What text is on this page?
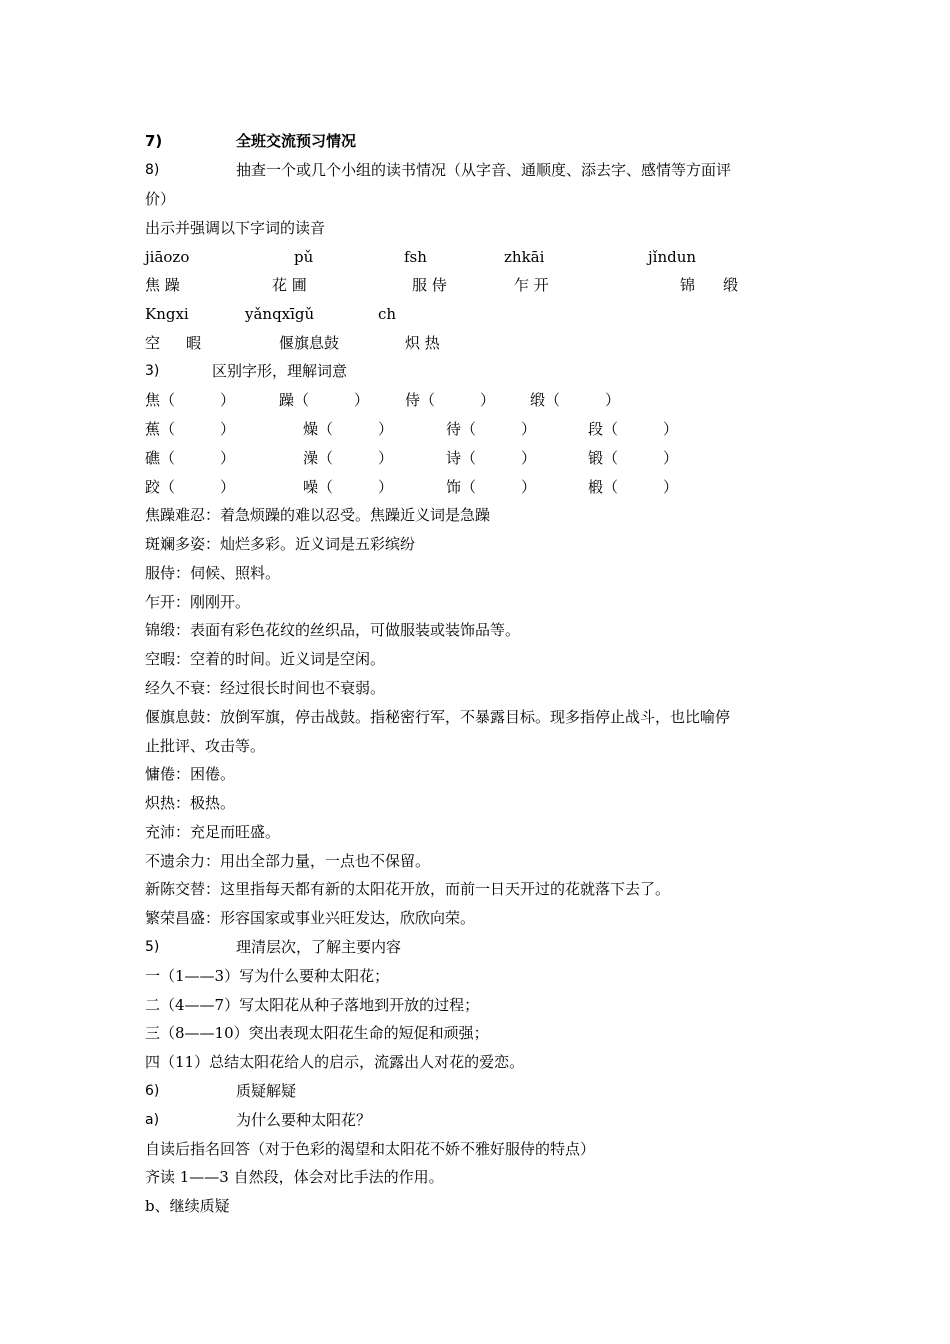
7)	全班交流预习情况
8)	抽查一个或几个小组的读书情况（从字音、通顺度、添去字、感情等方面评
价）
出示并强调以下字词的读音
jiāozo	pǔ	fsh	zhkāi	jǐndun
焦 躁	花 圃	服 侍	乍 开	锦 缎
Kngxi	yǎnqxīgǔ	ch
空 暇	偃旗息鼓	炽 热
3)	区别字形，理解词意
焦（　　　）	躁（　　　） 侍（　　　） 缎（　　　）
蕉（　　　）	燥（　　　）	待（　　　）	段（　　　）
礁（　　　）	澡（　　　）	诗（　　　）	锻（　　　）
跤（　　　）	噪（　　　）	饰（　　　）	椴（　　　）
焦躁难忍：着急烦躁的难以忍受。焦躁近义词是急躁
斑斓多姿：灿烂多彩。近义词是五彩缤纷
服侍：伺候、照料。
乍开：刚刚开。
锦缎：表面有彩色花纹的丝织品，可做服装或装饰品等。
空暇：空着的时间。近义词是空闲。
经久不衰：经过很长时间也不衰弱。
偃旗息鼓：放倒军旗，停击战鼓。指秘密行军，不暴露目标。现多指停止战斗，也比喻停
止批评、攻击等。
慵倦：困倦。
炽热：极热。
充沛：充足而旺盛。
不遗余力：用出全部力量，一点也不保留。
新陈交替：这里指每天都有新的太阳花开放，而前一日天开过的花就落下去了。
繁荣昌盛：形容国家或事业兴旺发达，欣欣向荣。
5)	理清层次，了解主要内容
一（1——3）写为什么要种太阳花；
二（4——7）写太阳花从种子落地到开放的过程；
三（8——10）突出表现太阳花生命的短促和顽强；
四（11）总结太阳花给人的启示，流露出人对花的爱恋。
6)	质疑解疑
a)	为什么要种太阳花？
自读后指名回答（对于色彩的渴望和太阳花不娇不雅好服侍的特点）
齐读 1——3 自然段，体会对比手法的作用。
b、继续质疑
